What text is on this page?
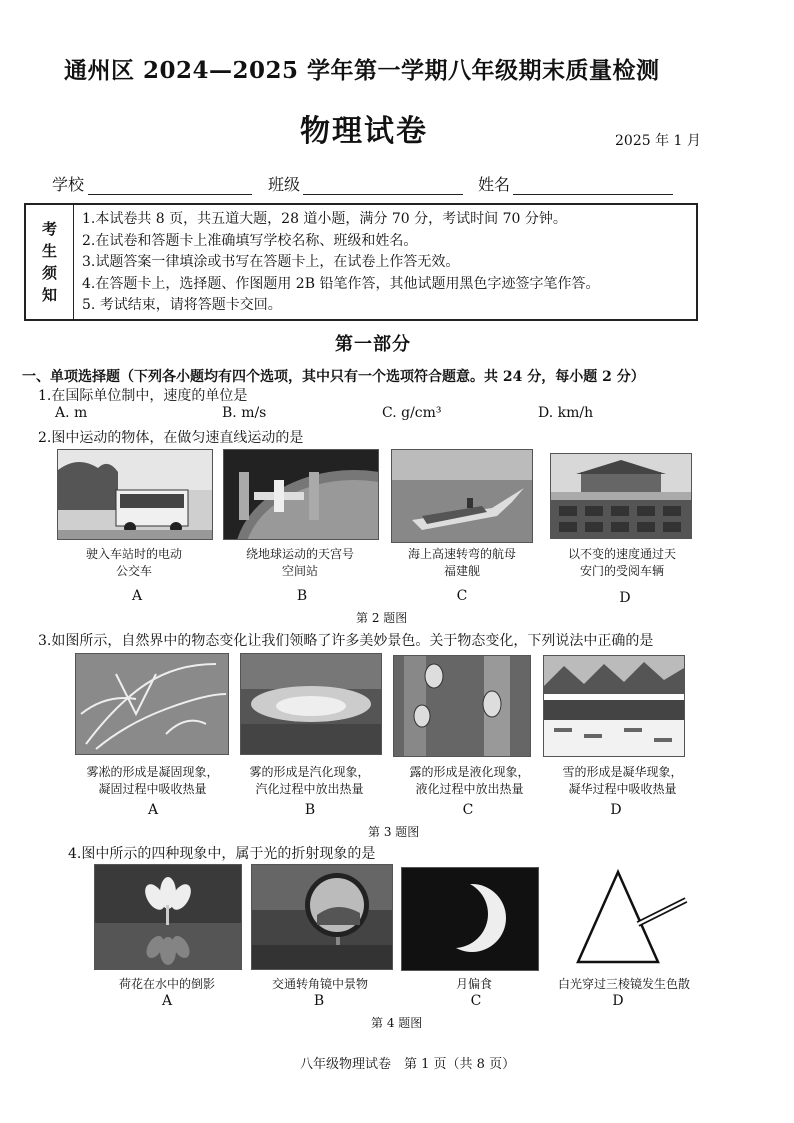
通州区 2024—2025 学年第一学期八年级期末质量检测
物理试卷	2025 年 1 月
学校	班级	姓名
考
生
须
知
1.本试卷共 8 页，共五道大题，28 道小题，满分 70 分，考试时间 70 分钟。
2.在试卷和答题卡上准确填写学校名称、班级和姓名。
3.试题答案一律填涂或书写在答题卡上，在试卷上作答无效。
4.在答题卡上，选择题、作图题用 2B 铅笔作答，其他试题用黑色字迹签字笔作答。
5. 考试结束，请将答题卡交回。
第一部分
一、单项选择题（下列各小题均有四个选项，其中只有一个选项符合题意。共 24 分，每小题 2 分）
1.在国际单位制中，速度的单位是
A. m	B. m/s	C. g/cm³	D. km/h
2.图中运动的物体，在做匀速直线运动的是
驶入车站时的电动
公交车
绕地球运动的天宫号
空间站
海上高速转弯的航母
福建舰
以不变的速度通过天
安门的受阅车辆
A	B	C	D
第 2 题图
3.如图所示，自然界中的物态变化让我们领略了许多美妙景色。关于物态变化，下列说法中正确的是
雾凇的形成是凝固现象，
凝固过程中吸收热量
雾的形成是汽化现象，
汽化过程中放出热量
露的形成是液化现象，
液化过程中放出热量
雪的形成是凝华现象，
凝华过程中吸收热量
A	B	C	D
第 3 题图
4.图中所示的四种现象中，属于光的折射现象的是
荷花在水中的倒影	交通转角镜中景物	月偏食	白光穿过三棱镜发生色散
A	B	C	D
第 4 题图
八年级物理试卷　第 1 页（共 8 页）
